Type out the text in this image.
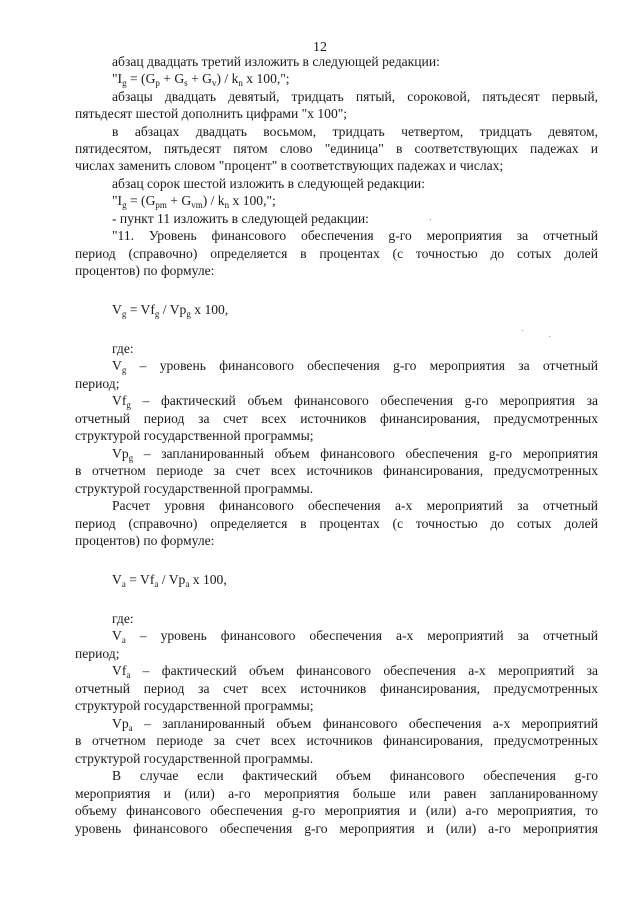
12
абзац двадцать третий изложить в следующей редакции:
"$I_g = (G_p + G_s + G_v) / k_n$ x 100,";
абзацы двадцать девятый, тридцать пятый, сороковой, пятьдесят первый,
пятьдесят шестой дополнить цифрами "x 100";
в абзацах двадцать восьмом, тридцать четвертом, тридцать девятом,
пятидесятом, пятьдесят пятом слово "единица" в соответствующих падежах и
числах заменить словом "процент" в соответствующих падежах и числах;
абзац сорок шестой изложить в следующей редакции:
"$I_g = (G_{pm} + G_{vm}) / k_n$ x 100,";
- пункт 11 изложить в следующей редакции:
"11. Уровень финансового обеспечения g-го мероприятия за отчетный
период (справочно) определяется в процентах (с точностью до сотых долей
процентов) по формуле:
$V_g = Vf_g / Vp_g$ x 100,
где:
$V_g$ – уровень финансового обеспечения g-го мероприятия за отчетный
период;
$Vf_g$ – фактический объем финансового обеспечения g-го мероприятия за
отчетный период за счет всех источников финансирования, предусмотренных
структурой государственной программы;
$Vp_g$ – запланированный объем финансового обеспечения g-го мероприятия
в отчетном периоде за счет всех источников финансирования, предусмотренных
структурой государственной программы.
Расчет уровня финансового обеспечения a-х мероприятий за отчетный
период (справочно) определяется в процентах (с точностью до сотых долей
процентов) по формуле:
$V_a = Vf_a / Vp_a$ x 100,
где:
$V_a$ – уровень финансового обеспечения a-х мероприятий за отчетный
период;
$Vf_a$ – фактический объем финансового обеспечения a-х мероприятий за
отчетный период за счет всех источников финансирования, предусмотренных
структурой государственной программы;
$Vp_a$ – запланированный объем финансового обеспечения a-х мероприятий
в отчетном периоде за счет всех источников финансирования, предусмотренных
структурой государственной программы.
В случае если фактический объем финансового обеспечения g-го
мероприятия и (или) a-го мероприятия больше или равен запланированному
объему финансового обеспечения g-го мероприятия и (или) a-го мероприятия, то
уровень финансового обеспечения g-го мероприятия и (или) a-го мероприятия
